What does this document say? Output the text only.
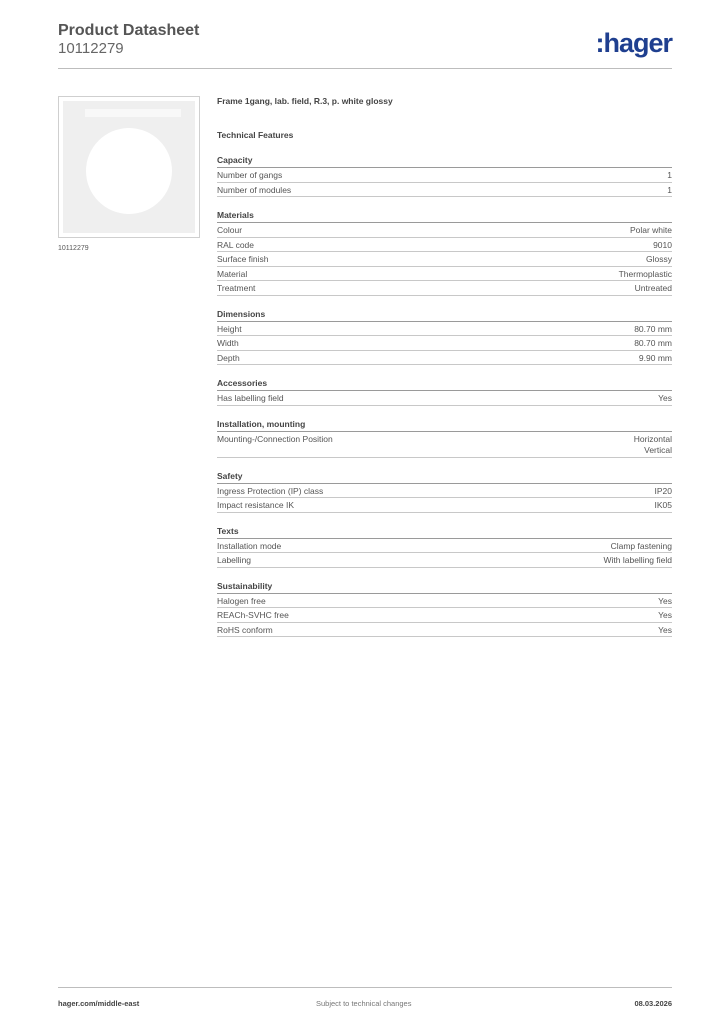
Product Datasheet
10112279	:hager
10112279
Frame 1gang, lab. field, R.3, p. white glossy
Technical Features
Capacity
Number of gangs	1
Number of modules	1
Materials
Colour	Polar white
RAL code	9010
Surface finish	Glossy
Material	Thermoplastic
Treatment	Untreated
Dimensions
Height	80.70 mm
Width	80.70 mm
Depth	9.90 mm
Accessories
Has labelling field	Yes
Installation, mounting
Mounting-/Connection Position	Horizontal
Vertical
Safety
Ingress Protection (IP) class	IP20
Impact resistance IK	IK05
Texts
Installation mode	Clamp fastening
Labelling	With labelling field
Sustainability
Halogen free	Yes
REACh-SVHC free	Yes
RoHS conform	Yes
hager.com/middle-east	Subject to technical changes	08.03.2026
